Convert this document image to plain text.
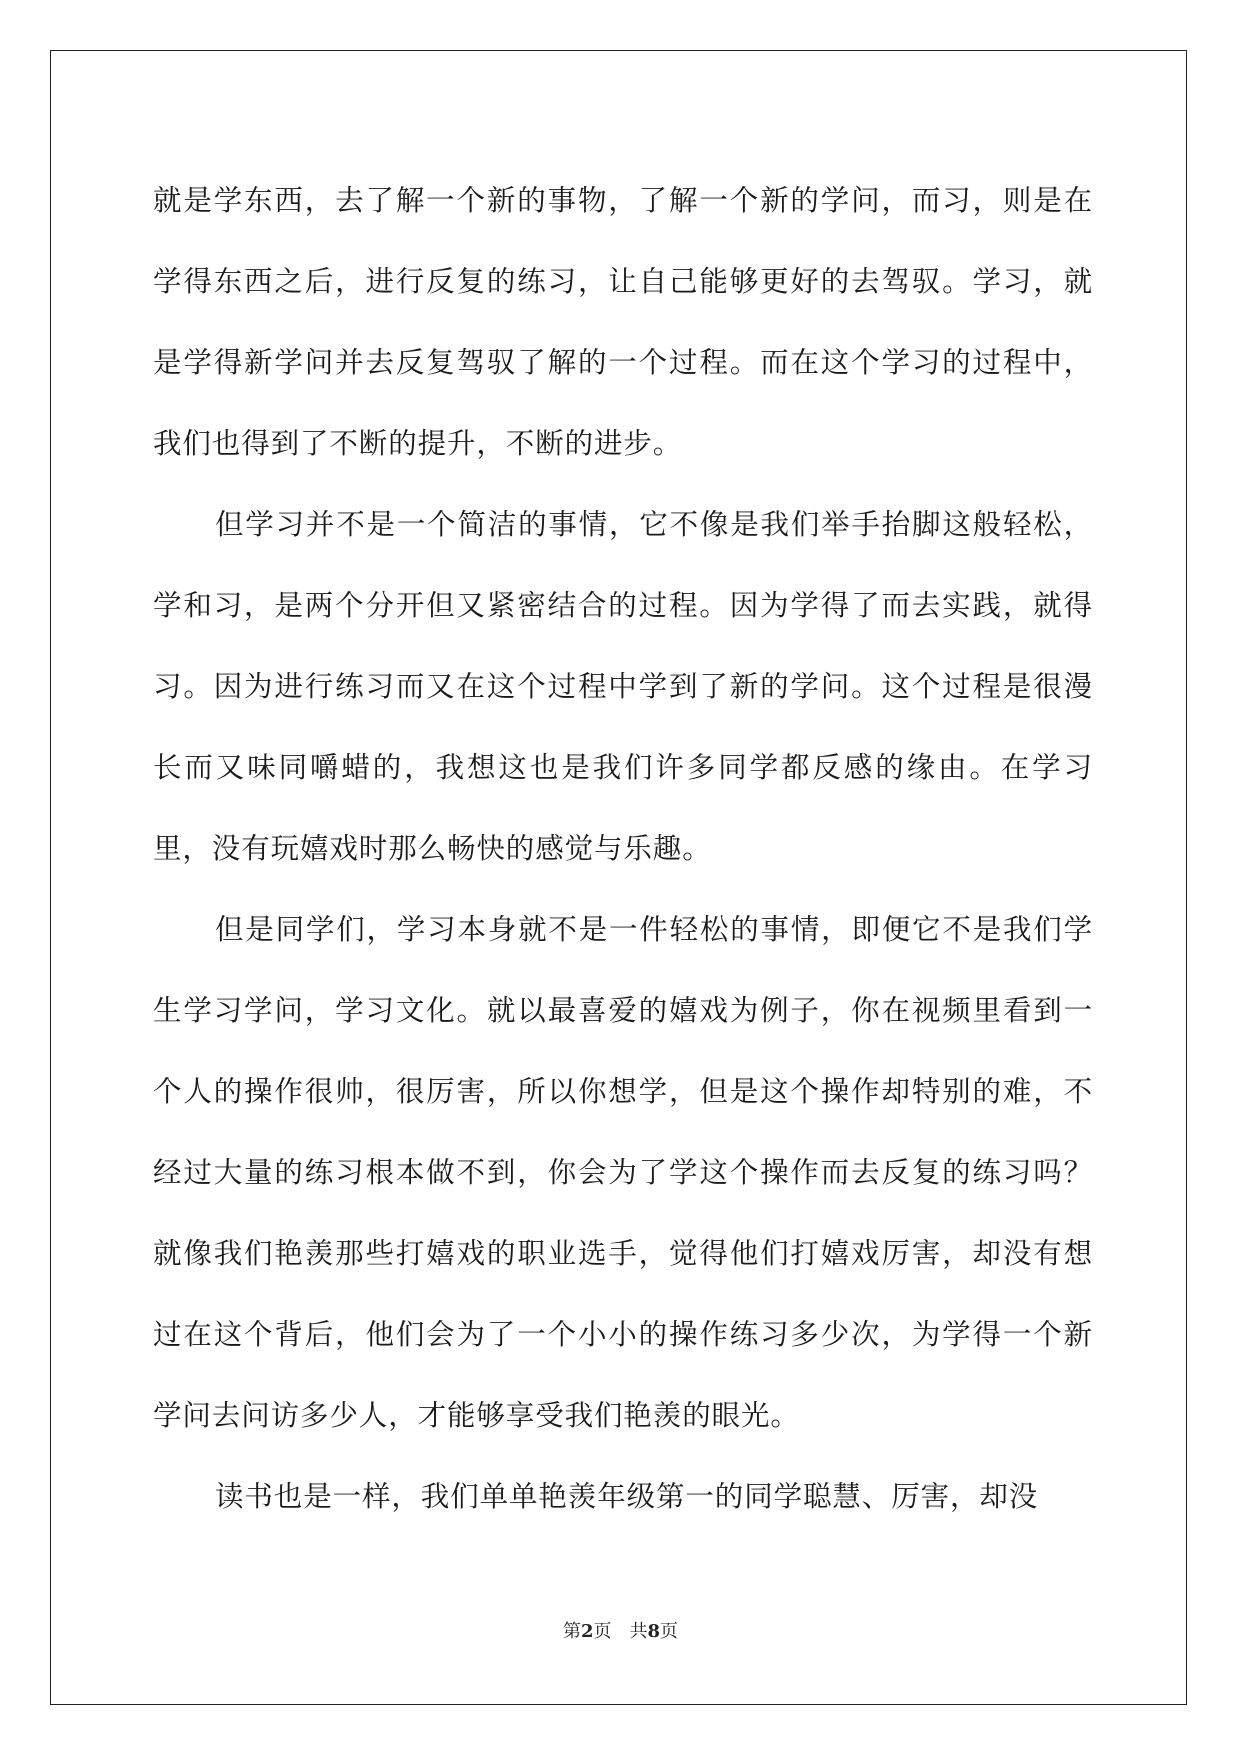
就是学东西，去了解一个新的事物，了解一个新的学问，而习，则是在学得东西之后，进行反复的练习，让自己能够更好的去驾驭。学习，就是学得新学问并去反复驾驭了解的一个过程。而在这个学习的过程中，我们也得到了不断的提升，不断的进步。

但学习并不是一个简洁的事情，它不像是我们举手抬脚这般轻松，学和习，是两个分开但又紧密结合的过程。因为学得了而去实践，就得习。因为进行练习而又在这个过程中学到了新的学问。这个过程是很漫长而又味同嚼蜡的，我想这也是我们许多同学都反感的缘由。在学习里，没有玩嬉戏时那么畅快的感觉与乐趣。

但是同学们，学习本身就不是一件轻松的事情，即便它不是我们学生学习学问，学习文化。就以最喜爱的嬉戏为例子，你在视频里看到一个人的操作很帅，很厉害，所以你想学，但是这个操作却特别的难，不经过大量的练习根本做不到，你会为了学这个操作而去反复的练习吗？就像我们艳羡那些打嬉戏的职业选手，觉得他们打嬉戏厉害，却没有想过在这个背后，他们会为了一个小小的操作练习多少次，为学得一个新学问去问访多少人，才能够享受我们艳羡的眼光。

读书也是一样，我们单单艳羡年级第一的同学聪慧、厉害，却没

第2页 共8页
